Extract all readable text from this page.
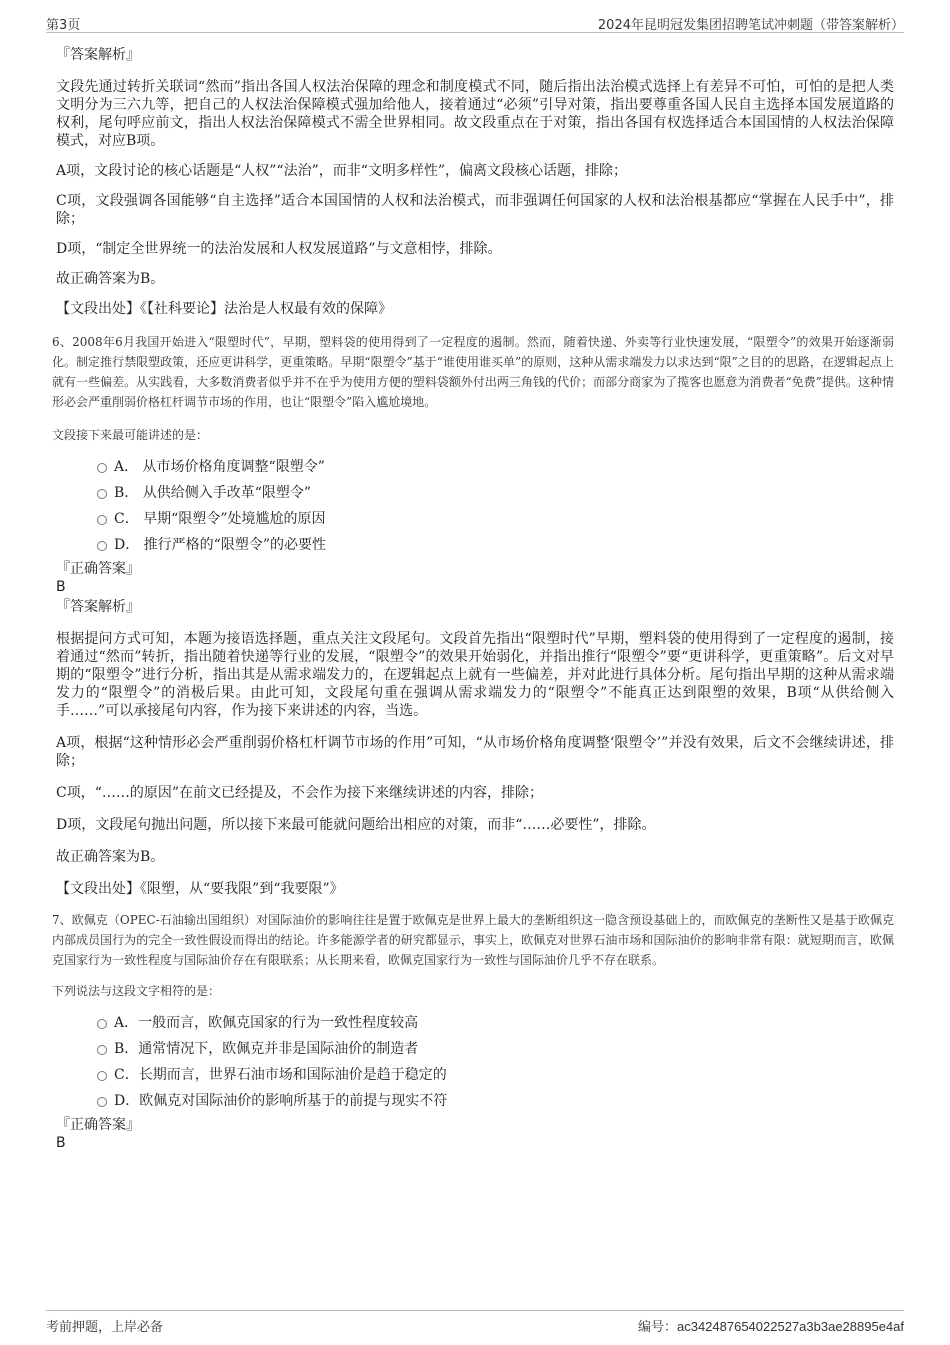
第3页	2024年昆明冠发集团招聘笔试冲刺题（带答案解析）

『答案解析』

文段先通过转折关联词“然而”指出各国人权法治保障的理念和制度模式不同，随后指出法治模式选择上有差异不可怕，可怕的是把人类文明分为三六九等，把自己的人权法治保障模式强加给他人，接着通过“必须”引导对策，指出要尊重各国人民自主选择本国发展道路的权利，尾句呼应前文，指出人权法治保障模式不需全世界相同。故文段重点在于对策，指出各国有权选择适合本国国情的人权法治保障模式，对应B项。

A项，文段讨论的核心话题是“人权”“法治”，而非“文明多样性”，偏离文段核心话题，排除；

C项，文段强调各国能够“自主选择”适合本国国情的人权和法治模式，而非强调任何国家的人权和法治根基都应“掌握在人民手中”，排除；

D项，“制定全世界统一的法治发展和人权发展道路”与文意相悖，排除。

故正确答案为B。

【文段出处】《【社科要论】法治是人权最有效的保障》

6、2008年6月我国开始进入“限塑时代”，早期，塑料袋的使用得到了一定程度的遏制。然而，随着快递、外卖等行业快速发展，“限塑令”的效果开始逐渐弱化。制定推行禁限塑政策，还应更讲科学，更重策略。早期“限塑令”基于“谁使用谁买单”的原则，这种从需求端发力以求达到“限”之目的的思路，在逻辑起点上就有一些偏差。从实践看，大多数消费者似乎并不在乎为使用方便的塑料袋额外付出两三角钱的代价；而部分商家为了揽客也愿意为消费者“免费”提供。这种情形必会严重削弱价格杠杆调节市场的作用，也让“限塑令”陷入尴尬境地。

文段接下来最可能讲述的是：

A． 从市场价格角度调整“限塑令”
B． 从供给侧入手改革“限塑令”
C． 早期“限塑令”处境尴尬的原因
D． 推行严格的“限塑令”的必要性

『正确答案』

B

『答案解析』

根据提问方式可知，本题为接语选择题，重点关注文段尾句。文段首先指出“限塑时代”早期，塑料袋的使用得到了一定程度的遏制，接着通过“然而”转折，指出随着快递等行业的发展，“限塑令”的效果开始弱化，并指出推行“限塑令”要“更讲科学，更重策略”。后文对早期的“限塑令”进行分析，指出其是从需求端发力的，在逻辑起点上就有一些偏差，并对此进行具体分析。尾句指出早期的这种从需求端发力的“限塑令”的消极后果。由此可知，文段尾句重在强调从需求端发力的“限塑令”不能真正达到限塑的效果，B项“从供给侧入手……”可以承接尾句内容，作为接下来讲述的内容，当选。

A项，根据“这种情形必会严重削弱价格杠杆调节市场的作用”可知，“从市场价格角度调整‘限塑令’”并没有效果，后文不会继续讲述，排除；

C项，“……的原因”在前文已经提及，不会作为接下来继续讲述的内容，排除；

D项，文段尾句抛出问题，所以接下来最可能就问题给出相应的对策，而非“……必要性”，排除。

故正确答案为B。

【文段出处】《限塑，从“要我限”到“我要限”》

7、欧佩克（OPEC-石油输出国组织）对国际油价的影响往往是置于欧佩克是世界上最大的垄断组织这一隐含预设基础上的，而欧佩克的垄断性又是基于欧佩克内部成员国行为的完全一致性假设而得出的结论。许多能源学者的研究都显示，事实上，欧佩克对世界石油市场和国际油价的影响非常有限：就短期而言，欧佩克国家行为一致性程度与国际油价存在有限联系；从长期来看，欧佩克国家行为一致性与国际油价几乎不存在联系。

下列说法与这段文字相符的是：

A．一般而言，欧佩克国家的行为一致性程度较高
B．通常情况下，欧佩克并非是国际油价的制造者
C．长期而言，世界石油市场和国际油价是趋于稳定的
D．欧佩克对国际油价的影响所基于的前提与现实不符

『正确答案』

B

考前押题，上岸必备	编号：ac342487654022527a3b3ae28895e4af
